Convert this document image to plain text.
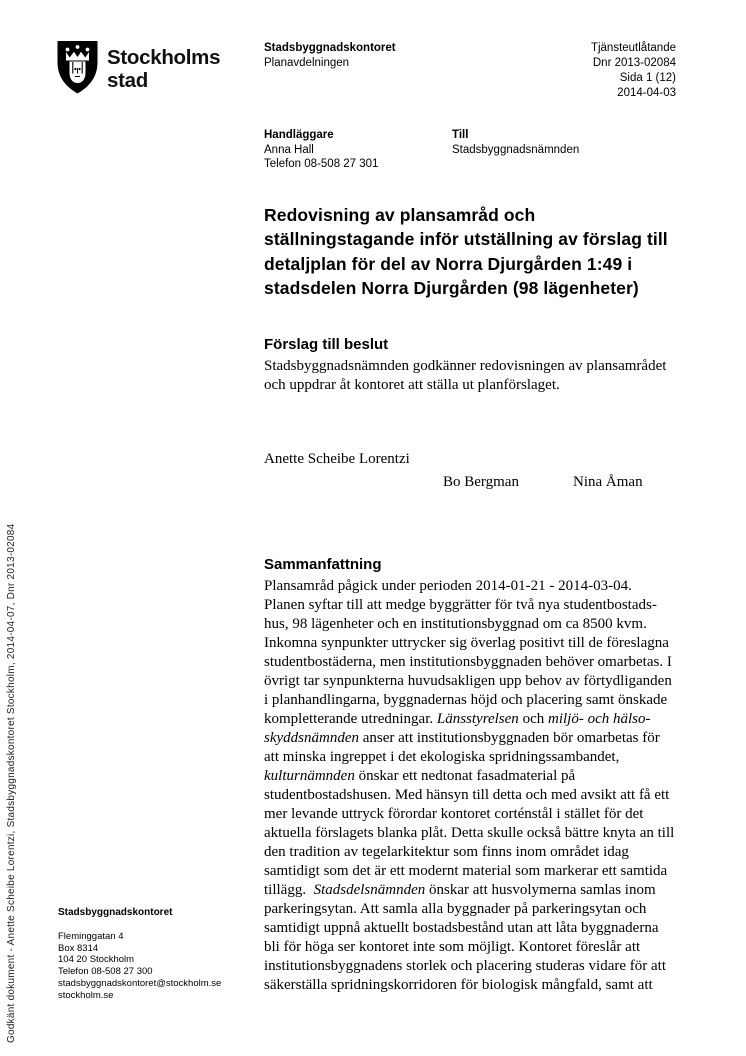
Godkänt dokument - Anette Scheibe Lorentzi, Stadsbyggnadskontoret Stockholm, 2014-04-07, Dnr 2013-02084
Stockholms
stad
Stadsbyggnadskontoret
Planavdelningen
Tjänsteutlåtande
Dnr 2013-02084
Sida 1 (12)
2014-04-03
Handläggare
Anna Hall
Telefon 08-508 27 301
Till
Stadsbyggnadsnämnden
Redovisning av plansamråd och
ställningstagande inför utställning av förslag till
detaljplan för del av Norra Djurgården 1:49 i
stadsdelen Norra Djurgården (98 lägenheter)
Förslag till beslut
Stadsbyggnadsnämnden godkänner redovisningen av plansamrådet
och uppdrar åt kontoret att ställa ut planförslaget.
Anette Scheibe Lorentzi
Bo Bergman	Nina Åman
Sammanfattning
Plansamråd pågick under perioden 2014-01-21 - 2014-03-04.
Planen syftar till att medge byggrätter för två nya studentbostads-
hus, 98 lägenheter och en institutionsbyggnad om ca 8500 kvm.
Inkomna synpunkter uttrycker sig överlag positivt till de föreslagna
studentbostäderna, men institutionsbyggnaden behöver omarbetas. I
övrigt tar synpunkterna huvudsakligen upp behov av förtydliganden
i planhandlingarna, byggnadernas höjd och placering samt önskade
kompletterande utredningar. Länsstyrelsen och miljö- och hälso-
skyddsnämnden anser att institutionsbyggnaden bör omarbetas för
att minska ingreppet i det ekologiska spridningssambandet,
kulturnämnden önskar ett nedtonat fasadmaterial på
studentbostadshusen. Med hänsyn till detta och med avsikt att få ett
mer levande uttryck förordar kontoret corténstål i stället för det
aktuella förslagets blanka plåt. Detta skulle också bättre knyta an till
den tradition av tegelarkitektur som finns inom området idag
samtidigt som det är ett modernt material som markerar ett samtida
tillägg.  Stadsdelsnämnden önskar att husvolymerna samlas inom
parkeringsytan. Att samla alla byggnader på parkeringsytan och
samtidigt uppnå aktuellt bostadsbestånd utan att låta byggnaderna
bli för höga ser kontoret inte som möjligt. Kontoret föreslår att
institutionsbyggnadens storlek och placering studeras vidare för att
säkerställa spridningskorridoren för biologisk mångfald, samt att
Stadsbyggnadskontoret
Fleminggatan 4
Box 8314
104 20 Stockholm
Telefon 08-508 27 300
stadsbyggnadskontoret@stockholm.se
stockholm.se
